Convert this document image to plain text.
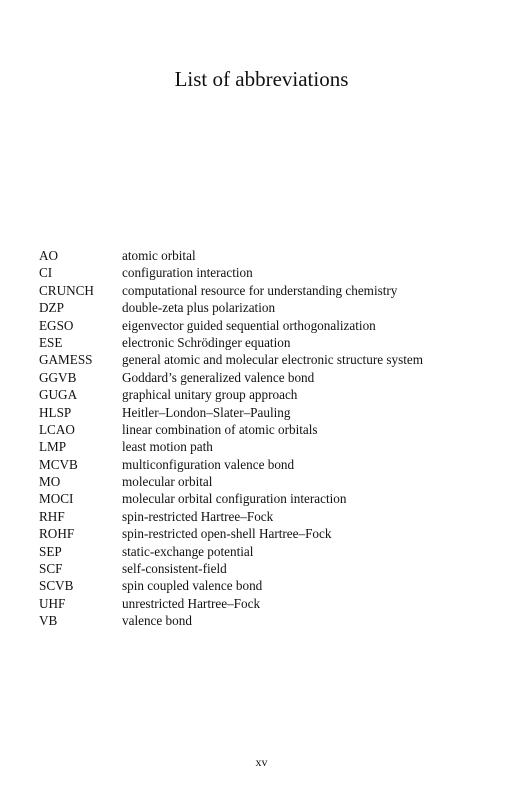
List of abbreviations
AO	atomic orbital
CI	configuration interaction
CRUNCH	computational resource for understanding chemistry
DZP	double-zeta plus polarization
EGSO	eigenvector guided sequential orthogonalization
ESE	electronic Schrödinger equation
GAMESS	general atomic and molecular electronic structure system
GGVB	Goddard’s generalized valence bond
GUGA	graphical unitary group approach
HLSP	Heitler–London–Slater–Pauling
LCAO	linear combination of atomic orbitals
LMP	least motion path
MCVB	multiconfiguration valence bond
MO	molecular orbital
MOCI	molecular orbital configuration interaction
RHF	spin-restricted Hartree–Fock
ROHF	spin-restricted open-shell Hartree–Fock
SEP	static-exchange potential
SCF	self-consistent-field
SCVB	spin coupled valence bond
UHF	unrestricted Hartree–Fock
VB	valence bond
xv
